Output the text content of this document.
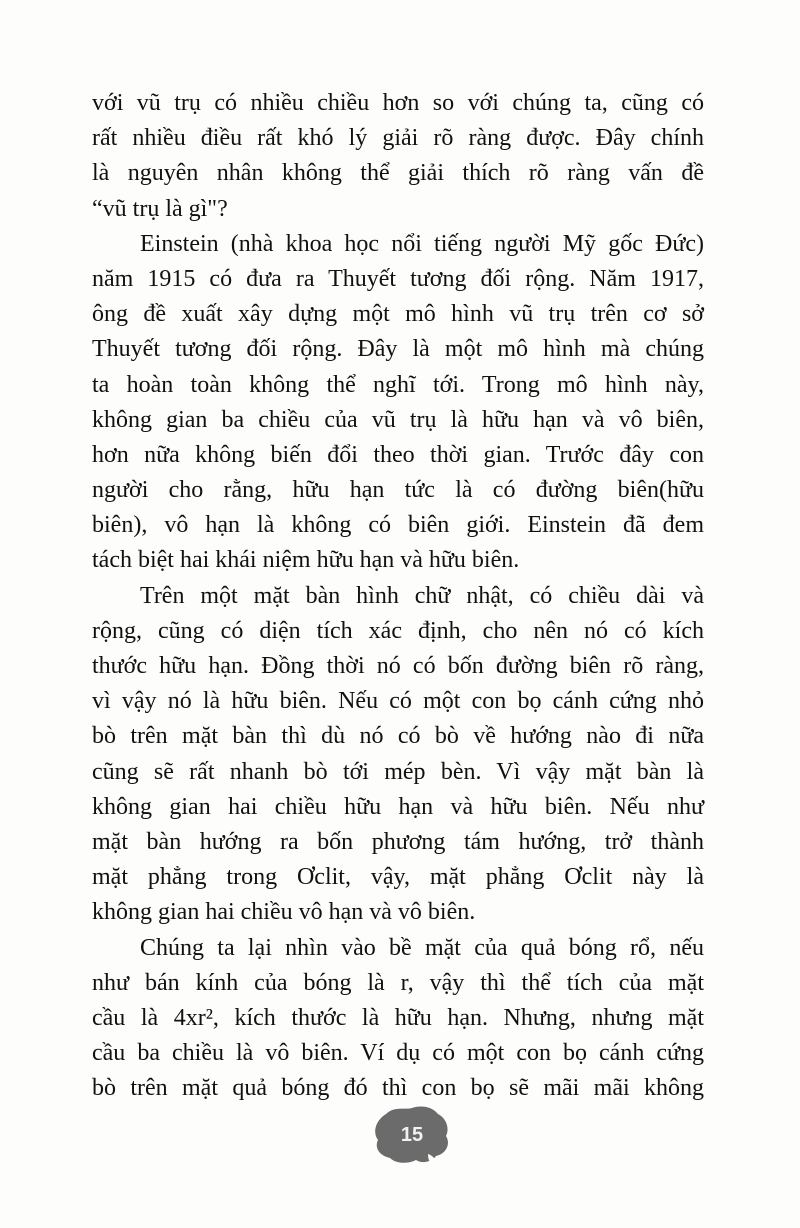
với vũ trụ có nhiều chiều hơn so với chúng ta, cũng có
rất nhiều điều rất khó lý giải rõ ràng được. Đây chính
là nguyên nhân không thể giải thích rõ ràng vấn đề
“vũ trụ là gì"?
Einstein (nhà khoa học nổi tiếng người Mỹ gốc Đức)
năm 1915 có đưa ra Thuyết tương đối rộng. Năm 1917,
ông đề xuất xây dựng một mô hình vũ trụ trên cơ sở
Thuyết tương đối rộng. Đây là một mô hình mà chúng
ta hoàn toàn không thể nghĩ tới. Trong mô hình này,
không gian ba chiều của vũ trụ là hữu hạn và vô biên,
hơn nữa không biến đổi theo thời gian. Trước đây con
người cho rằng, hữu hạn tức là có đường biên(hữu
biên), vô hạn là không có biên giới. Einstein đã đem
tách biệt hai khái niệm hữu hạn và hữu biên.
Trên một mặt bàn hình chữ nhật, có chiều dài và
rộng, cũng có diện tích xác định, cho nên nó có kích
thước hữu hạn. Đồng thời nó có bốn đường biên rõ ràng,
vì vậy nó là hữu biên. Nếu có một con bọ cánh cứng nhỏ
bò trên mặt bàn thì dù nó có bò về hướng nào đi nữa
cũng sẽ rất nhanh bò tới mép bèn. Vì vậy mặt bàn là
không gian hai chiều hữu hạn và hữu biên. Nếu như
mặt bàn hướng ra bốn phương tám hướng, trở thành
mặt phẳng trong Ơclit, vậy, mặt phẳng Ơclit này là
không gian hai chiều vô hạn và vô biên.
Chúng ta lại nhìn vào bề mặt của quả bóng rổ, nếu
như bán kính của bóng là r, vậy thì thể tích của mặt
cầu là 4xr², kích thước là hữu hạn. Nhưng, nhưng mặt
cầu ba chiều là vô biên. Ví dụ có một con bọ cánh cứng
bò trên mặt quả bóng đó thì con bọ sẽ mãi mãi không
15
